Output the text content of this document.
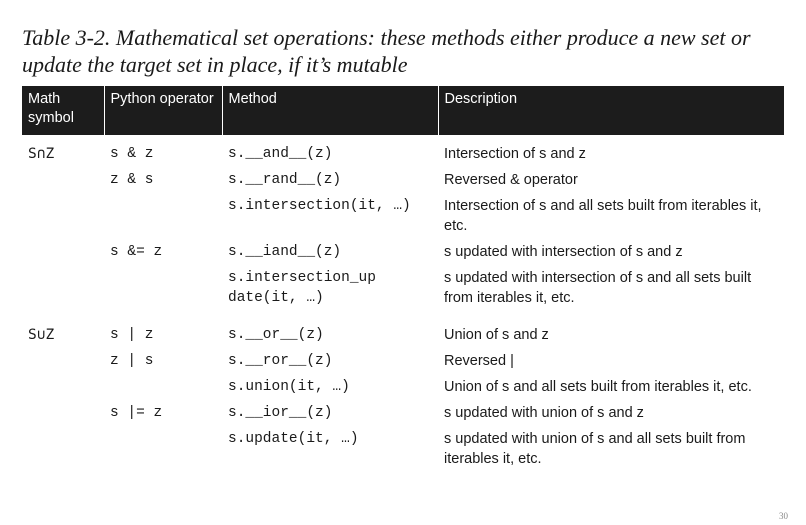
Table 3-2. Mathematical set operations: these methods either produce a new set or update the target set in place, if it’s mutable

Math symbol	Python operator	Method	Description
S∩Z	s & z	s.__and__(z)	Intersection of s and z
	z & s	s.__rand__(z)	Reversed & operator
		s.intersection(it, …)	Intersection of s and all sets built from iterables it, etc.
	s &= z	s.__iand__(z)	s updated with intersection of s and z
		s.intersection_up date(it, …)	s updated with intersection of s and all sets built from iterables it, etc.
S∪Z	s | z	s.__or__(z)	Union of s and z
	z | s	s.__ror__(z)	Reversed |
		s.union(it, …)	Union of s and all sets built from iterables it, etc.
	s |= z	s.__ior__(z)	s updated with union of s and z
		s.update(it, …)	s updated with union of s and all sets built from iterables it, etc.
30
